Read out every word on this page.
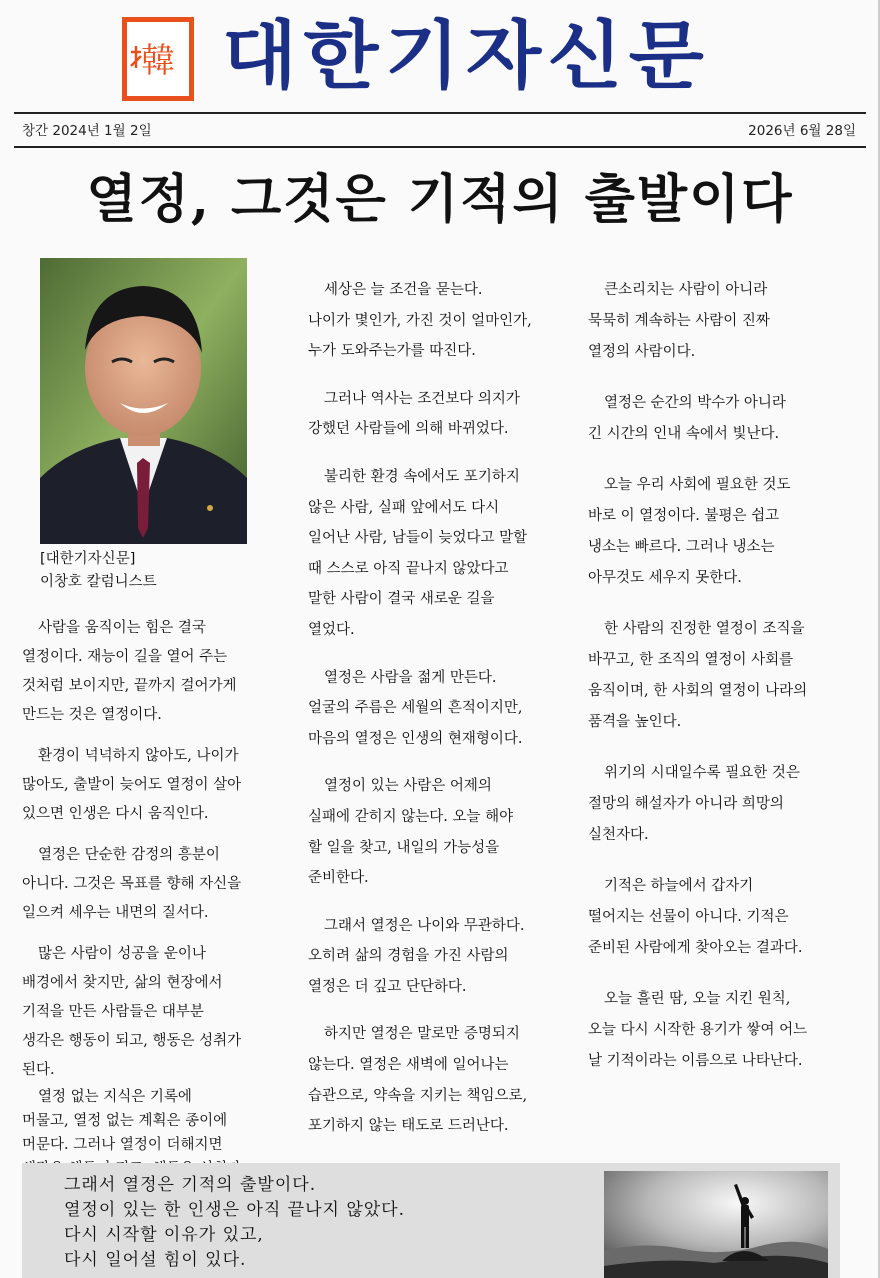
韓 대한기자신문
창간 2024년 1월 2일	2026년 6월 28일
열정, 그것은 기적의 출발이다
[대한기자신문]
이창호 칼럼니스트

사람을 움직이는 힘은 결국
열정이다. 재능이 길을 열어 주는
것처럼 보이지만, 끝까지 걸어가게
만드는 것은 열정이다.

환경이 넉넉하지 않아도, 나이가
많아도, 출발이 늦어도 열정이 살아
있으면 인생은 다시 움직인다.

열정은 단순한 감정의 흥분이
아니다. 그것은 목표를 향해 자신을
일으켜 세우는 내면의 질서다.

많은 사람이 성공을 운이나
배경에서 찾지만, 삶의 현장에서
기적을 만든 사람들은 대부분
생각은 행동이 되고, 행동은 성취가
된다.

열정 없는 지식은 기록에
머물고, 열정 없는 계획은 종이에
머문다. 그러나 열정이 더해지면

세상은 늘 조건을 묻는다.
나이가 몇인가, 가진 것이 얼마인가,
누가 도와주는가를 따진다.

그러나 역사는 조건보다 의지가
강했던 사람들에 의해 바뀌었다.

불리한 환경 속에서도 포기하지
않은 사람, 실패 앞에서도 다시
일어난 사람, 남들이 늦었다고 말할
때 스스로 아직 끝나지 않았다고
말한 사람이 결국 새로운 길을
열었다.

열정은 사람을 젊게 만든다.
얼굴의 주름은 세월의 흔적이지만,
마음의 열정은 인생의 현재형이다.

열정이 있는 사람은 어제의
실패에 갇히지 않는다. 오늘 해야
할 일을 찾고, 내일의 가능성을
준비한다.

그래서 열정은 나이와 무관하다.
오히려 삶의 경험을 가진 사람의
열정은 더 깊고 단단하다.

하지만 열정은 말로만 증명되지
않는다. 열정은 새벽에 일어나는
습관으로, 약속을 지키는 책임으로,
포기하지 않는 태도로 드러난다.

큰소리치는 사람이 아니라
묵묵히 계속하는 사람이 진짜
열정의 사람이다.

열정은 순간의 박수가 아니라
긴 시간의 인내 속에서 빛난다.

오늘 우리 사회에 필요한 것도
바로 이 열정이다. 불평은 쉽고
냉소는 빠르다. 그러나 냉소는
아무것도 세우지 못한다.

한 사람의 진정한 열정이 조직을
바꾸고, 한 조직의 열정이 사회를
움직이며, 한 사회의 열정이 나라의
품격을 높인다.

위기의 시대일수록 필요한 것은
절망의 해설자가 아니라 희망의
실천자다.

기적은 하늘에서 갑자기
떨어지는 선물이 아니다. 기적은
준비된 사람에게 찾아오는 결과다.

오늘 흘린 땀, 오늘 지킨 원칙,
오늘 다시 시작한 용기가 쌓여 어느
날 기적이라는 이름으로 나타난다.

그래서 열정은 기적의 출발이다.
열정이 있는 한 인생은 아직 끝나지 않았다.
다시 시작할 이유가 있고,
다시 일어설 힘이 있다.
